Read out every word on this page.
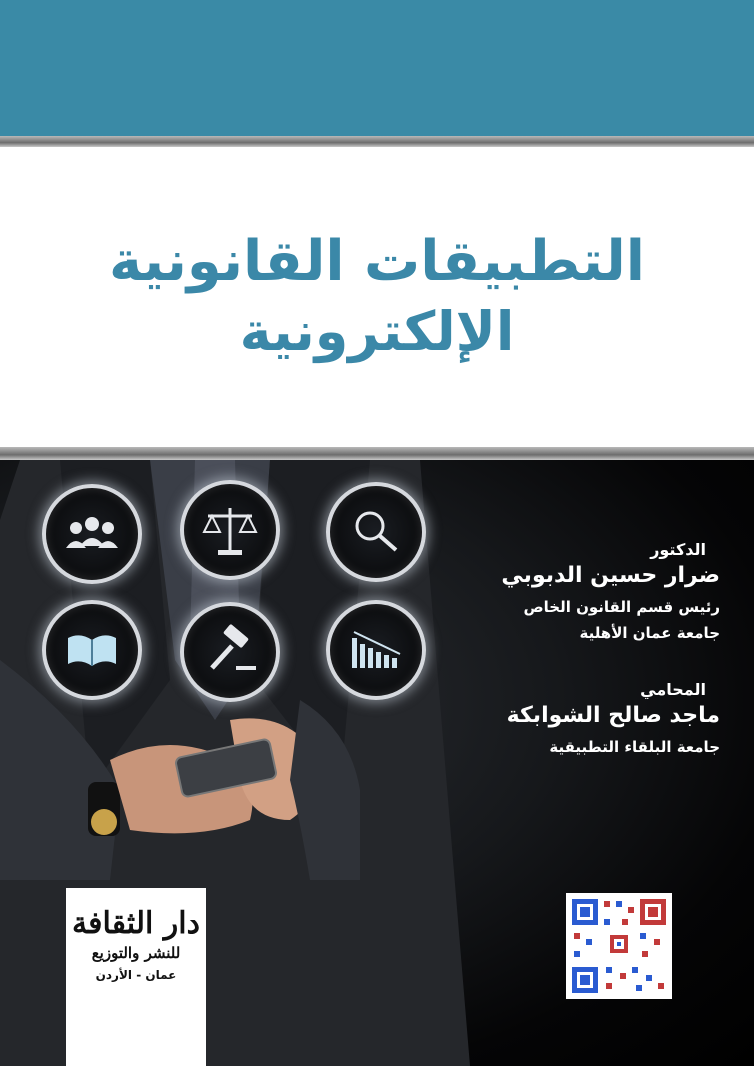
التطبيقات القانونية
الإلكترونية
الدكتور
ضرار حسين الدبوبي
رئيس قسم القانون الخاص
جامعة عمان الأهلية
المحامي
ماجد صالح الشوابكة
جامعة البلقاء التطبيقية
دار الثقافة
للنشر والتوزيع
عمان - الأردن
